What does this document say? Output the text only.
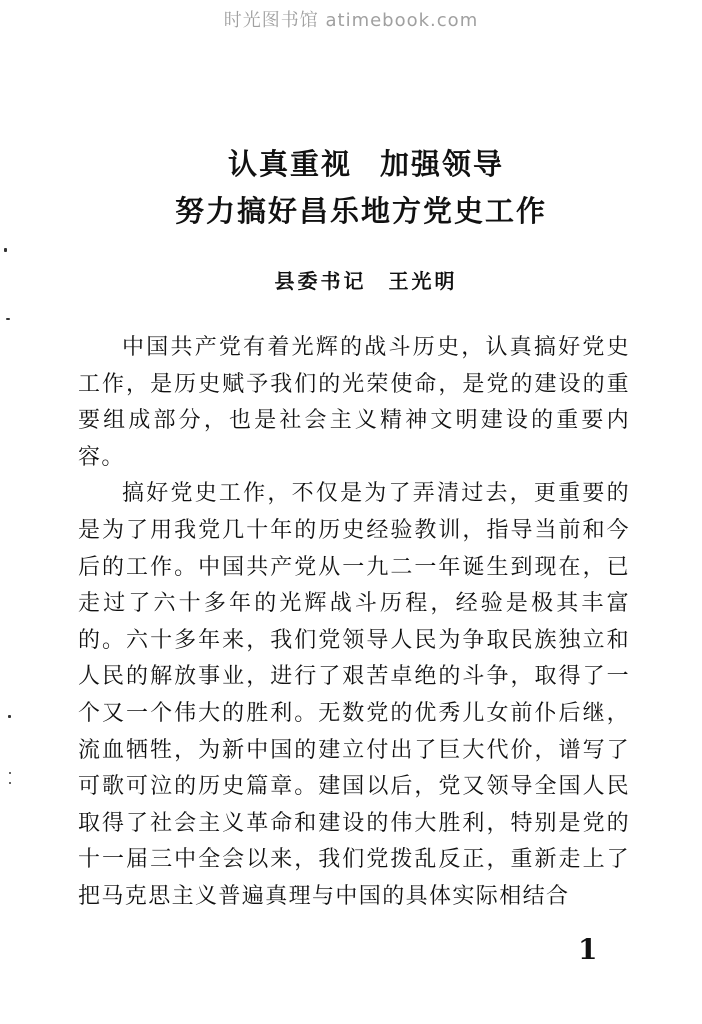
时光图书馆 atimebook.com
认真重视 加强领导
努力搞好昌乐地方党史工作
县委书记 王光明

中国共产党有着光辉的战斗历史，认真搞好党史工作，是历史赋予我们的光荣使命，是党的建设的重要组成部分，也是社会主义精神文明建设的重要内容。

搞好党史工作，不仅是为了弄清过去，更重要的是为了用我党几十年的历史经验教训，指导当前和今后的工作。中国共产党从一九二一年诞生到现在，已走过了六十多年的光辉战斗历程，经验是极其丰富的。六十多年来，我们党领导人民为争取民族独立和人民的解放事业，进行了艰苦卓绝的斗争，取得了一个又一个伟大的胜利。无数党的优秀儿女前仆后继，流血牺牲，为新中国的建立付出了巨大代价，谱写了可歌可泣的历史篇章。建国以后，党又领导全国人民取得了社会主义革命和建设的伟大胜利，特别是党的十一届三中全会以来，我们党拨乱反正，重新走上了把马克思主义普遍真理与中国的具体实际相结合

1
